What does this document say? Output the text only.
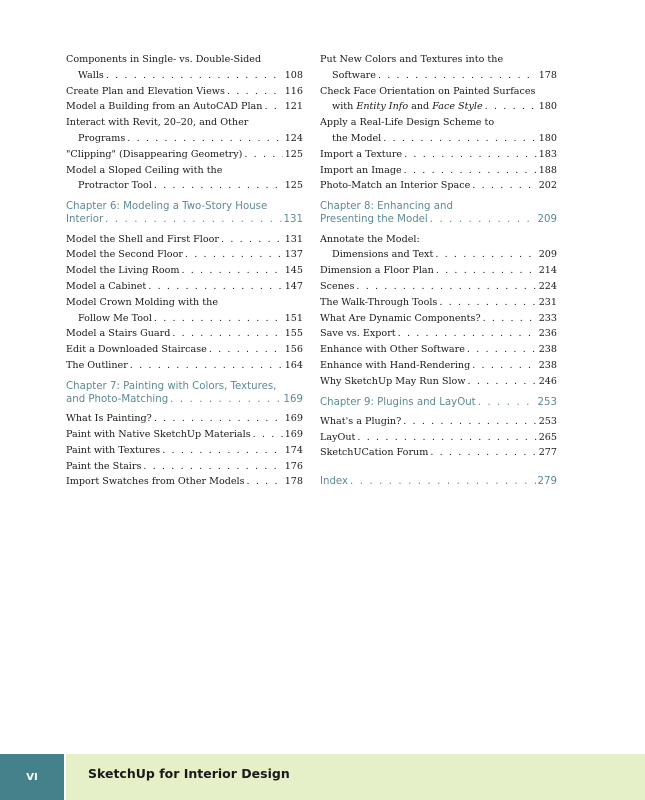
Components in Single- vs. Double-Sided
Walls . . .	108
Create Plan and Elevation Views . . .	116
Model a Building from an AutoCAD Plan . . . 121
Interact with Revit, 20–20, and Other
Programs . . .	124
"Clipping" (Disappearing Geometry) . . .	125
Model a Sloped Ceiling with the
Protractor Tool . . .	125
Chapter 6: Modeling a Two-Story House
Interior . . .	131
Model the Shell and First Floor . . .	131
Model the Second Floor . . .	137
Model the Living Room . . .	145
Model a Cabinet . . .	147
Model Crown Molding with the
Follow Me Tool . . .	151
Model a Stairs Guard . . .	155
Edit a Downloaded Staircase . . .	156
The Outliner . . .	164
Chapter 7: Painting with Colors, Textures,
and Photo-Matching . . .	169
What Is Painting? . . .	169
Paint with Native SketchUp Materials . . .	169
Paint with Textures . . .	174
Paint the Stairs . . .	176
Import Swatches from Other Models . . .	178
Put New Colors and Textures into the
Software . . .	178
Check Face Orientation on Painted Surfaces
with Entity Info and Face Style . . .	180
Apply a Real-Life Design Scheme to
the Model . . .	180
Import a Texture . . .	183
Import an Image . . .	188
Photo-Match an Interior Space . . .	202
Chapter 8: Enhancing and
Presenting the Model . . .	209
Annotate the Model:
Dimensions and Text . . .	209
Dimension a Floor Plan . . .	214
Scenes . . .	224
The Walk-Through Tools . . .	231
What Are Dynamic Components? . . .	233
Save vs. Export . . .	236
Enhance with Other Software . . .	238
Enhance with Hand-Rendering . . .	238
Why SketchUp May Run Slow . . .	246
Chapter 9: Plugins and LayOut . . .	253
What's a Plugin? . . .	253
LayOut . . .	265
SketchUCation Forum . . .	277
Index . . .	279
VI	SketchUp for Interior Design
